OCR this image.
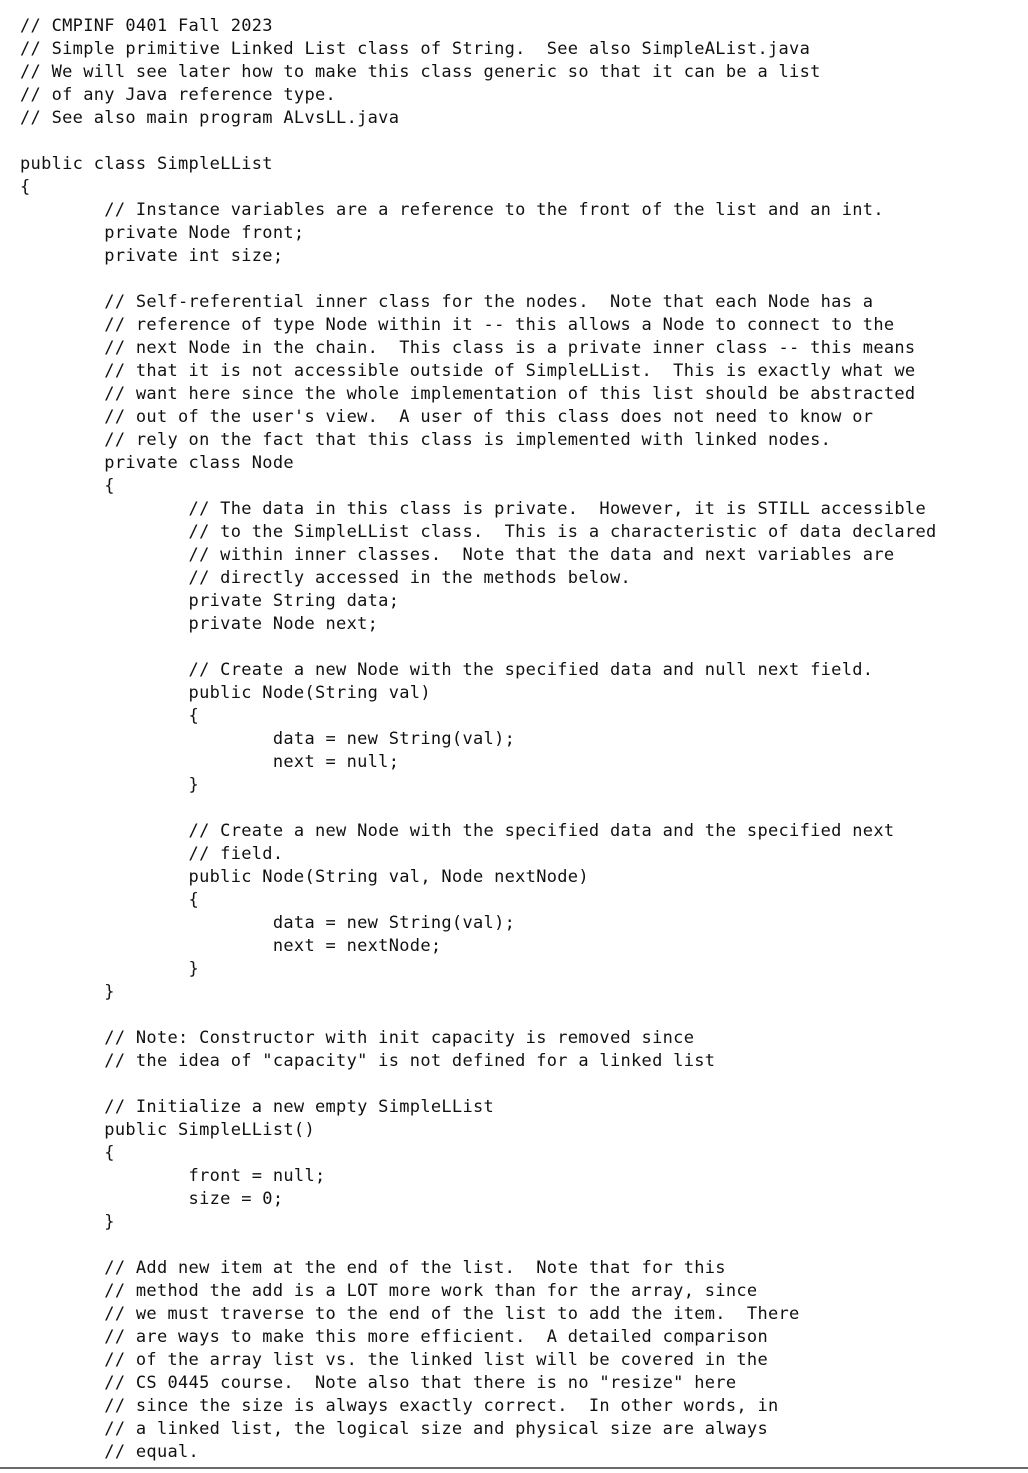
// CMPINF 0401 Fall 2023
// Simple primitive Linked List class of String.  See also SimpleAList.java
// We will see later how to make this class generic so that it can be a list
// of any Java reference type.
// See also main program ALvsLL.java
public class SimpleLList
{
// Instance variables are a reference to the front of the list and an int.
private Node front;
private int size;
// Self-referential inner class for the nodes.  Note that each Node has a
// reference of type Node within it -- this allows a Node to connect to the
// next Node in the chain.  This class is a private inner class -- this means
// that it is not accessible outside of SimpleLList.  This is exactly what we
// want here since the whole implementation of this list should be abstracted
// out of the user's view.  A user of this class does not need to know or
// rely on the fact that this class is implemented with linked nodes.
private class Node
{
// The data in this class is private.  However, it is STILL accessible
// to the SimpleLList class.  This is a characteristic of data declared
// within inner classes.  Note that the data and next variables are
// directly accessed in the methods below.
private String data;
private Node next;
// Create a new Node with the specified data and null next field.
public Node(String val)
{
data = new String(val);
next = null;
}
// Create a new Node with the specified data and the specified next
// field.
public Node(String val, Node nextNode)
{
data = new String(val);
next = nextNode;
}
}
// Note: Constructor with init capacity is removed since
// the idea of "capacity" is not defined for a linked list
// Initialize a new empty SimpleLList
public SimpleLList()
{
front = null;
size = 0;
}
// Add new item at the end of the list.  Note that for this
// method the add is a LOT more work than for the array, since
// we must traverse to the end of the list to add the item.  There
// are ways to make this more efficient.  A detailed comparison
// of the array list vs. the linked list will be covered in the
// CS 0445 course.  Note also that there is no "resize" here
// since the size is always exactly correct.  In other words, in
// a linked list, the logical size and physical size are always
// equal.
